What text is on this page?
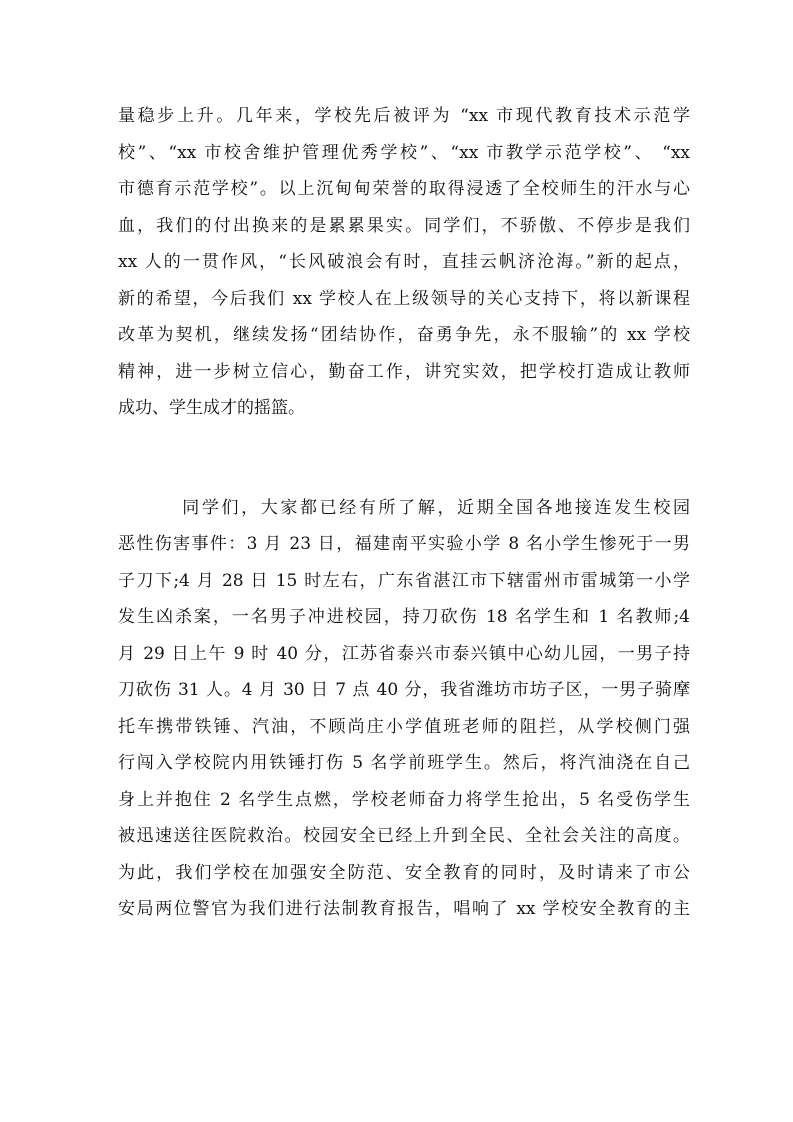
量稳步上升。几年来，学校先后被评为 “xx 市现代教育技术示范学
校”、“xx 市校舍维护管理优秀学校”、“xx 市教学示范学校”、 “xx
市德育示范学校”。以上沉甸甸荣誉的取得浸透了全校师生的汗水与心
血，我们的付出换来的是累累果实。同学们，不骄傲、不停步是我们
xx 人的一贯作风，“长风破浪会有时，直挂云帆济沧海。”新的起点，
新的希望，今后我们 xx 学校人在上级领导的关心支持下，将以新课程
改革为契机，继续发扬“团结协作，奋勇争先，永不服输”的 xx 学校
精神，进一步树立信心，勤奋工作，讲究实效，把学校打造成让教师
成功、学生成才的摇篮。
同学们，大家都已经有所了解，近期全国各地接连发生校园
恶性伤害事件：3 月 23 日，福建南平实验小学 8 名小学生惨死于一男
子刀下;4 月 28 日 15 时左右，广东省湛江市下辖雷州市雷城第一小学
发生凶杀案，一名男子冲进校园，持刀砍伤 18 名学生和 1 名教师;4
月 29 日上午 9 时 40 分，江苏省泰兴市泰兴镇中心幼儿园，一男子持
刀砍伤 31 人。4 月 30 日 7 点 40 分，我省潍坊市坊子区，一男子骑摩
托车携带铁锤、汽油，不顾尚庄小学值班老师的阻拦，从学校侧门强
行闯入学校院内用铁锤打伤 5 名学前班学生。然后，将汽油浇在自己
身上并抱住 2 名学生点燃，学校老师奋力将学生抢出，5 名受伤学生
被迅速送往医院救治。校园安全已经上升到全民、全社会关注的高度。
为此，我们学校在加强安全防范、安全教育的同时，及时请来了市公
安局两位警官为我们进行法制教育报告，唱响了 xx 学校安全教育的主
